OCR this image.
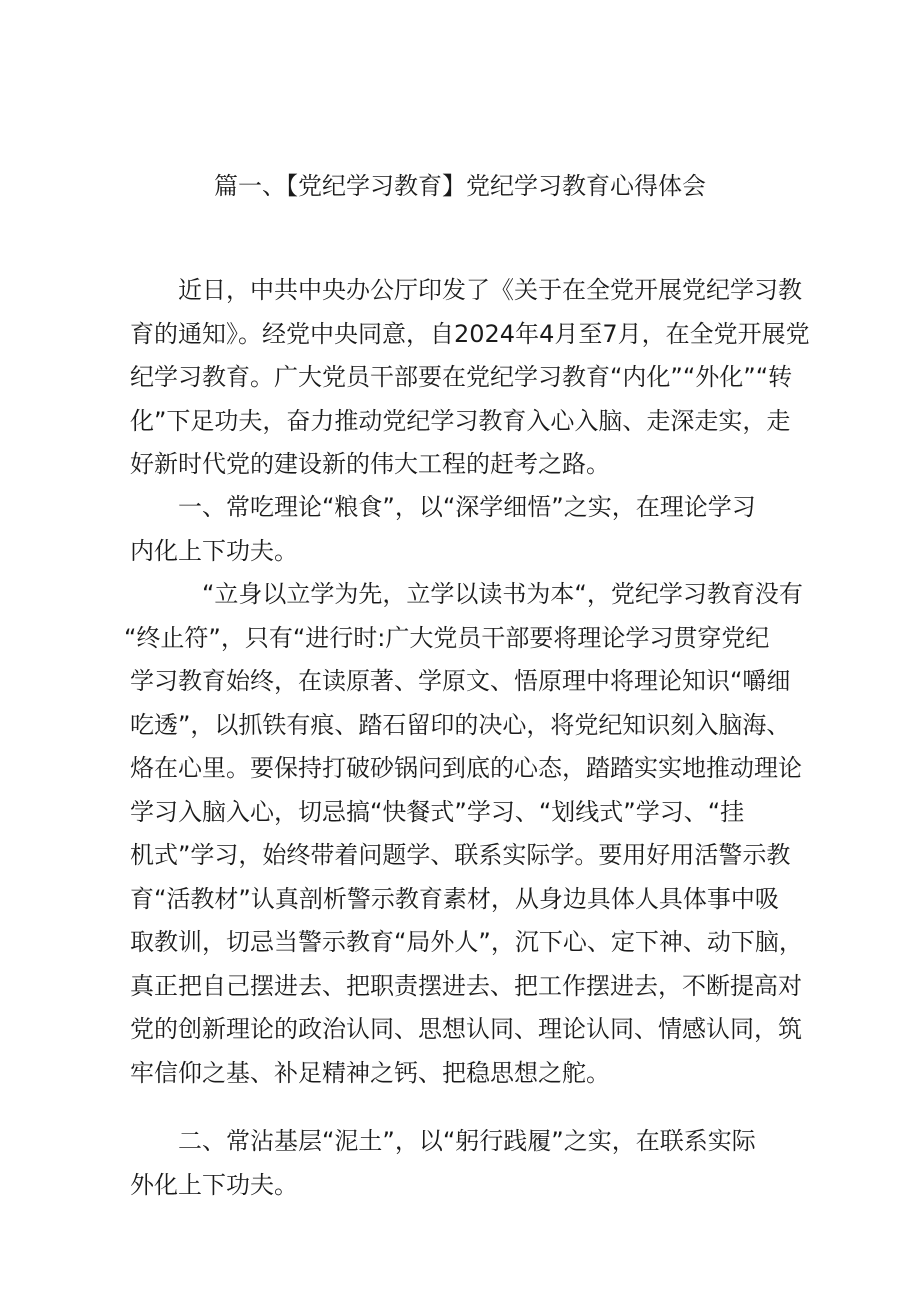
篇一、【党纪学习教育】党纪学习教育心得体会

近日，中共中央办公厅印发了《关于在全党开展党纪学习教
育的通知》。经党中央同意，自2024年4月至7月，在全党开展党
纪学习教育。广大党员干部要在党纪学习教育“内化”“外化”“转
化”下足功夫，奋力推动党纪学习教育入心入脑、走深走实，走
好新时代党的建设新的伟大工程的赶考之路。

一、常吃理论“粮食”，以“深学细悟”之实，在理论学习
内化上下功夫。

“立身以立学为先，立学以读书为本“，党纪学习教育没有
“终止符”，只有“进行时:广大党员干部要将理论学习贯穿党纪
学习教育始终，在读原著、学原文、悟原理中将理论知识“嚼细
吃透”，以抓铁有痕、踏石留印的决心，将党纪知识刻入脑海、
烙在心里。要保持打破砂锅问到底的心态，踏踏实实地推动理论
学习入脑入心，切忌搞“快餐式”学习、“划线式”学习、“挂
机式”学习，始终带着问题学、联系实际学。要用好用活警示教
育“活教材”认真剖析警示教育素材，从身边具体人具体事中吸
取教训，切忌当警示教育“局外人”，沉下心、定下神、动下脑，
真正把自己摆进去、把职责摆进去、把工作摆进去，不断提高对
党的创新理论的政治认同、思想认同、理论认同、情感认同，筑
牢信仰之基、补足精神之钙、把稳思想之舵。

二、常沾基层“泥土”，以“躬行践履”之实，在联系实际
外化上下功夫。
